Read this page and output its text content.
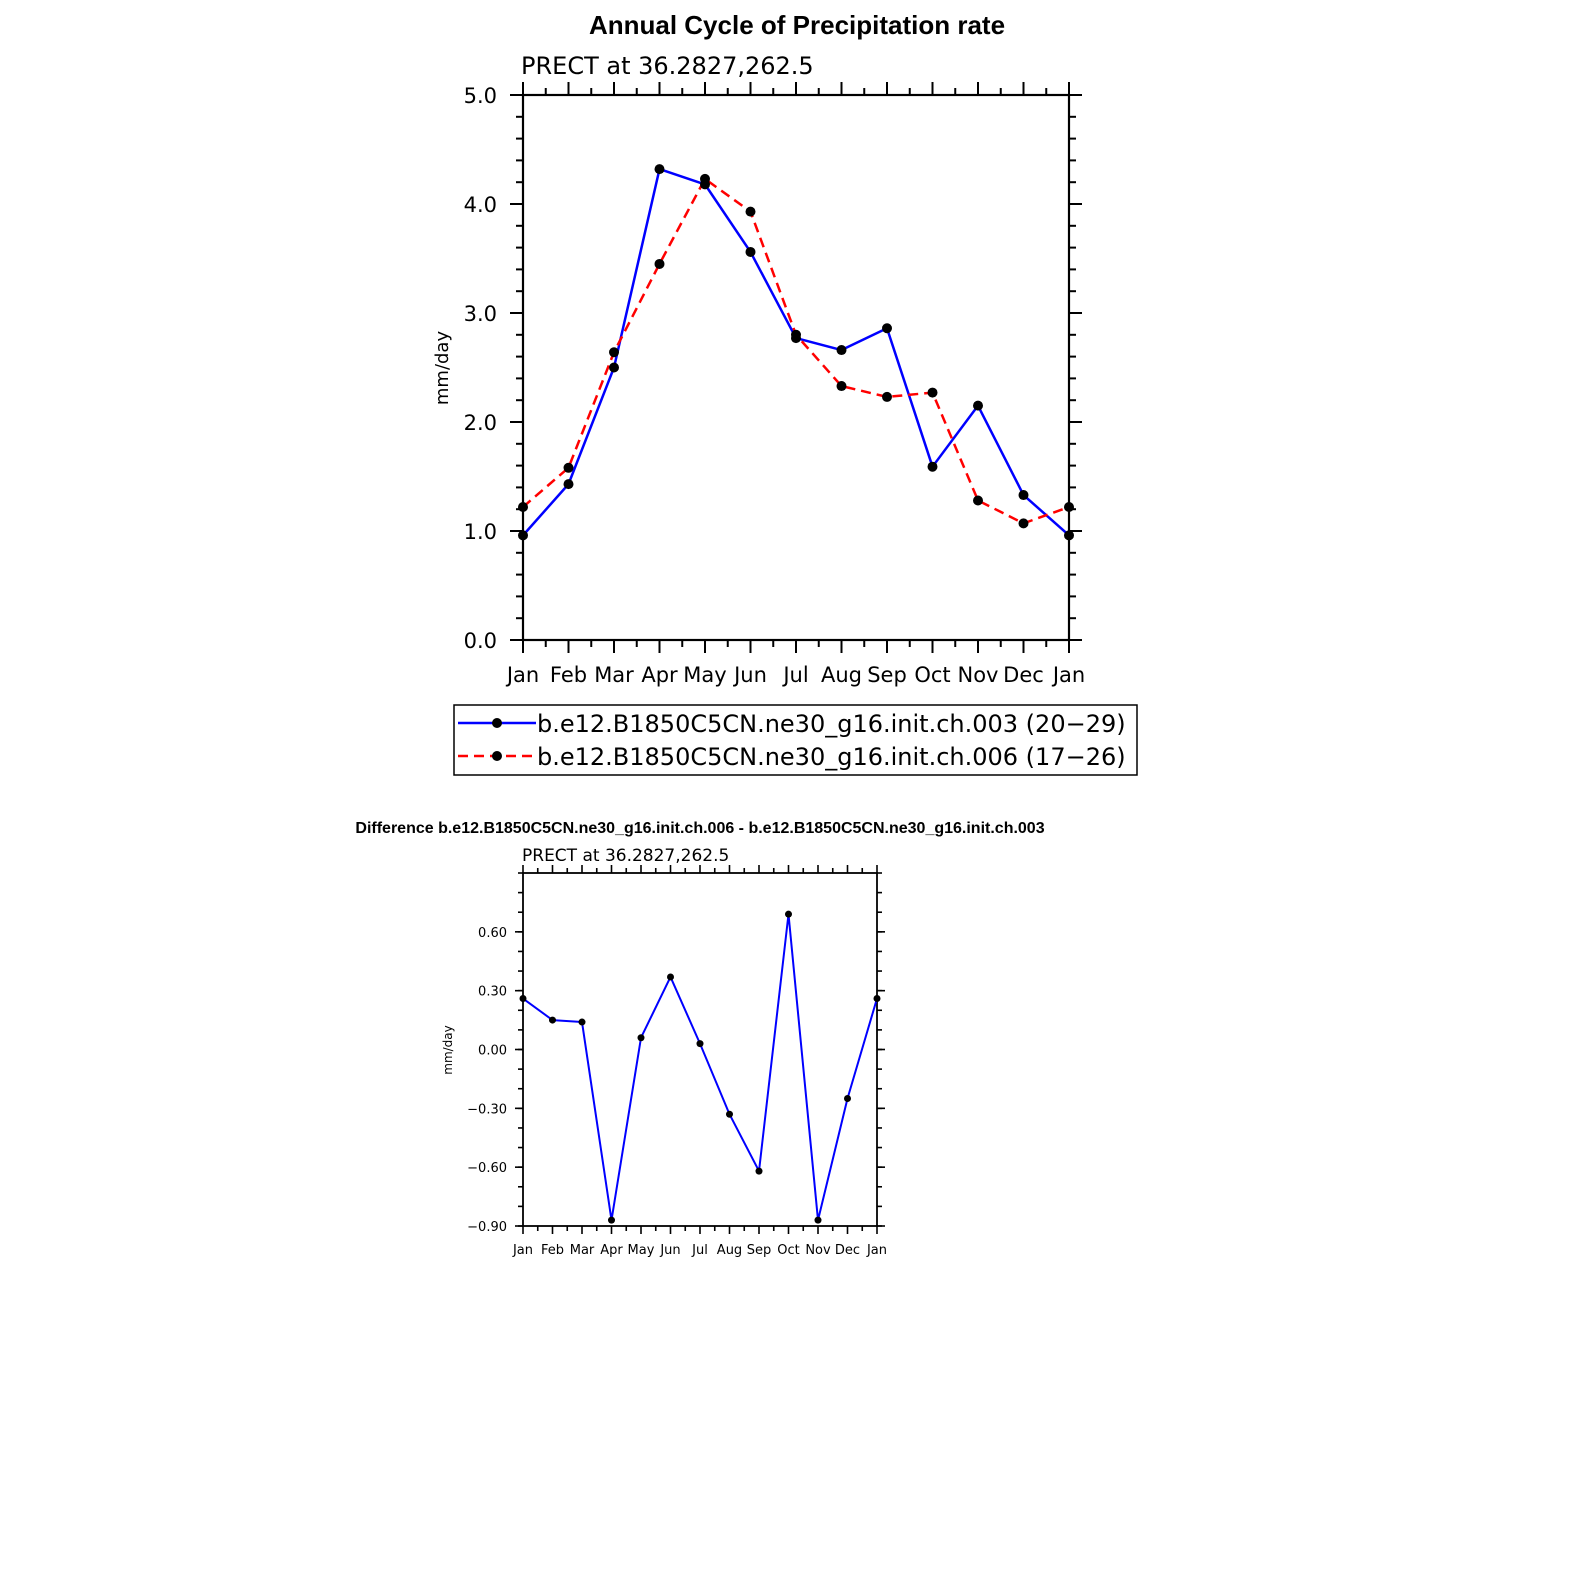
Annual Cycle of Precipitation rate
PRECT at 36.2827,262.5
mm/day
Jan Feb Mar Apr May Jun Jul Aug Sep Oct Nov Dec Jan
0.0
1.0
2.0
3.0
4.0
5.0
b.e12.B1850C5CN.ne30_g16.init.ch.003 (20−29)
b.e12.B1850C5CN.ne30_g16.init.ch.006 (17−26)
Difference b.e12.B1850C5CN.ne30_g16.init.ch.006 - b.e12.B1850C5CN.ne30_g16.init.ch.003
PRECT at 36.2827,262.5
mm/day
Jan Feb Mar Apr May Jun Jul Aug Sep Oct Nov Dec Jan
−0.90
−0.60
−0.30
0.00
0.30
0.60
